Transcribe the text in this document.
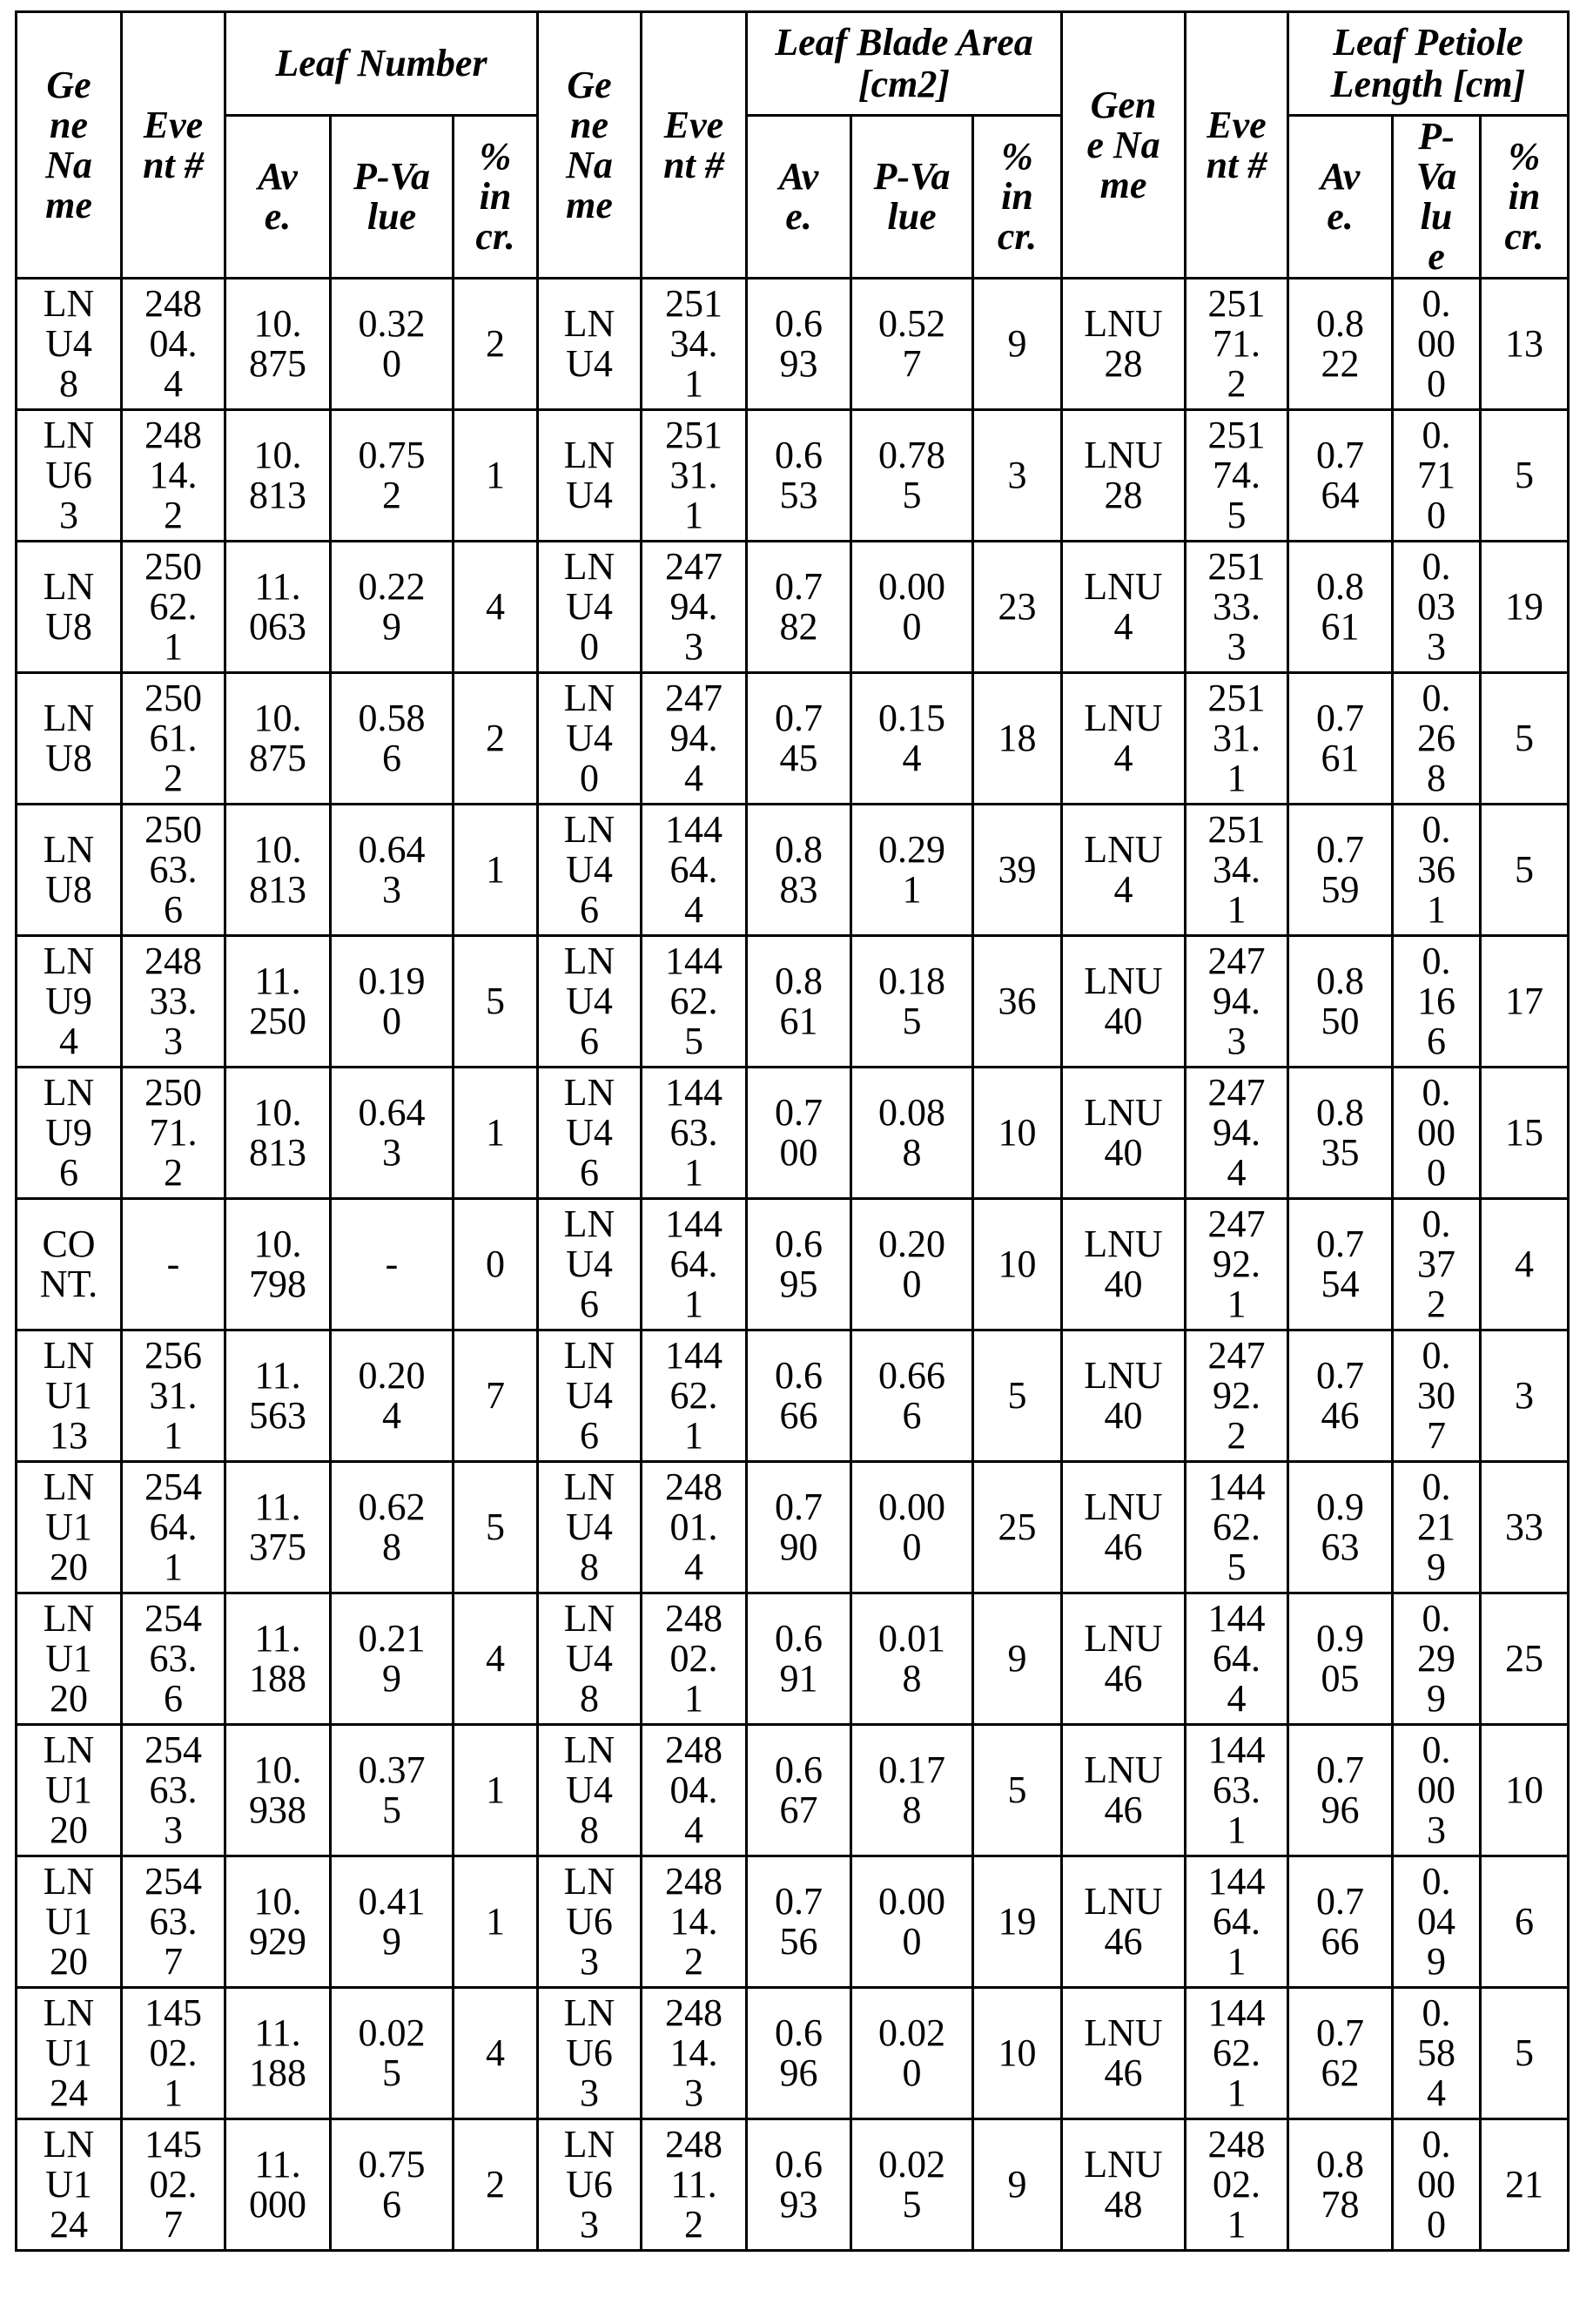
Gene Name	Event #	Leaf Number			Gene Name	Event #	Leaf Blade Area [cm2]			Gene Name	Event #	Leaf Petiole Length [cm]		
		Ave.	P-Value	% incr.			Ave.	P-Value	% incr.			Ave.	P-Value	% incr.
LNU48	24804.4	10.875	0.320	2	LNU4	25134.1	0.693	0.527	9	LNU28	25171.2	0.822	0.000	13
LNU63	24814.2	10.813	0.752	1	LNU4	25131.1	0.653	0.785	3	LNU28	25174.5	0.764	0.710	5
LNU8	25062.1	11.063	0.229	4	LNU40	24794.3	0.782	0.000	23	LNU4	25133.3	0.861	0.033	19
LNU8	25061.2	10.875	0.586	2	LNU40	24794.4	0.745	0.154	18	LNU4	25131.1	0.761	0.268	5
LNU8	25063.6	10.813	0.643	1	LNU46	14464.4	0.883	0.291	39	LNU4	25134.1	0.759	0.361	5
LNU94	24833.3	11.250	0.190	5	LNU46	14462.5	0.861	0.185	36	LNU40	24794.3	0.850	0.166	17
LNU96	25071.2	10.813	0.643	1	LNU46	14463.1	0.700	0.088	10	LNU40	24794.4	0.835	0.000	15
CONT.	-	10.798	-	0	LNU46	14464.1	0.695	0.200	10	LNU40	24792.1	0.754	0.372	4
LNU113	25631.1	11.563	0.204	7	LNU46	14462.1	0.666	0.666	5	LNU40	24792.2	0.746	0.307	3
LNU120	25464.1	11.375	0.628	5	LNU48	24801.4	0.790	0.000	25	LNU46	14462.5	0.963	0.219	33
LNU120	25463.6	11.188	0.219	4	LNU48	24802.1	0.691	0.018	9	LNU46	14464.4	0.905	0.299	25
LNU120	25463.3	10.938	0.375	1	LNU48	24804.4	0.667	0.178	5	LNU46	14463.1	0.796	0.003	10
LNU120	25463.7	10.929	0.419	1	LNU63	24814.2	0.756	0.000	19	LNU46	14464.1	0.766	0.049	6
LNU124	14502.1	11.188	0.025	4	LNU63	24814.3	0.696	0.020	10	LNU46	14462.1	0.762	0.584	5
LNU124	14502.7	11.000	0.756	2	LNU63	24811.2	0.693	0.025	9	LNU48	24802.1	0.878	0.000	21
